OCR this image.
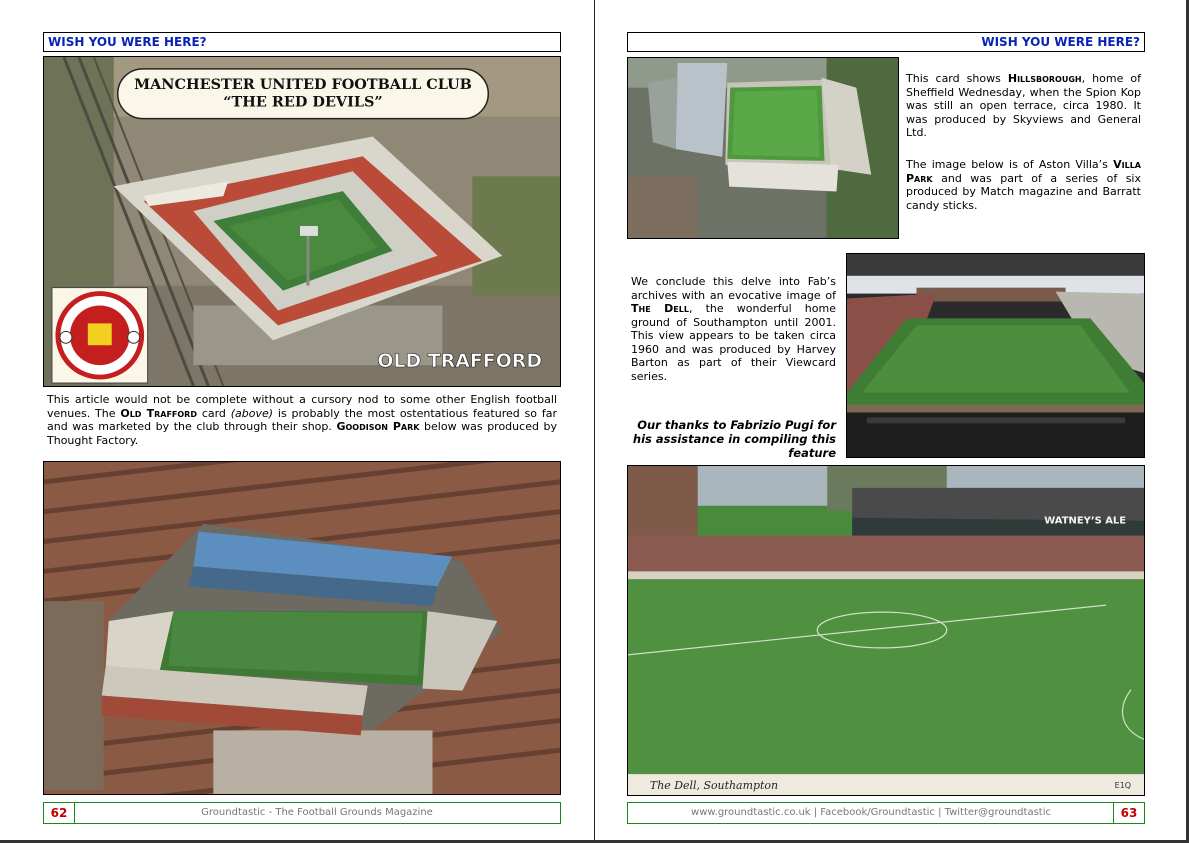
WISH YOU WERE HERE?
MANCHESTER UNITED FOOTBALL CLUB
“THE RED DEVILS”
OLD TRAFFORD
This article would not be complete without a cursory nod to some other English football venues. The Old Trafford card (above) is probably the most ostentatious featured so far and was marketed by the club through their shop. Goodison Park below was produced by Thought Factory.
62	Groundtastic - The Football Grounds Magazine
WISH YOU WERE HERE?
This card shows Hillsborough, home of Sheffield Wednesday, when the Spion Kop was still an open terrace, circa 1980. It was produced by Skyviews and General Ltd.
The image below is of Aston Villa’s Villa Park and was part of a series of six produced by Match magazine and Barratt candy sticks.
We conclude this delve into Fab’s archives with an evocative image of The Dell, the wonderful home ground of Southampton until 2001. This view appears to be taken circa 1960 and was produced by Harvey Barton as part of their Viewcard series.
Our thanks to Fabrizio Pugi for his assistance in compiling this feature
The Dell, Southampton	E1Q
WATNEY’S ALE
www.groundtastic.co.uk | Facebook/Groundtastic | Twitter@groundtastic	63
